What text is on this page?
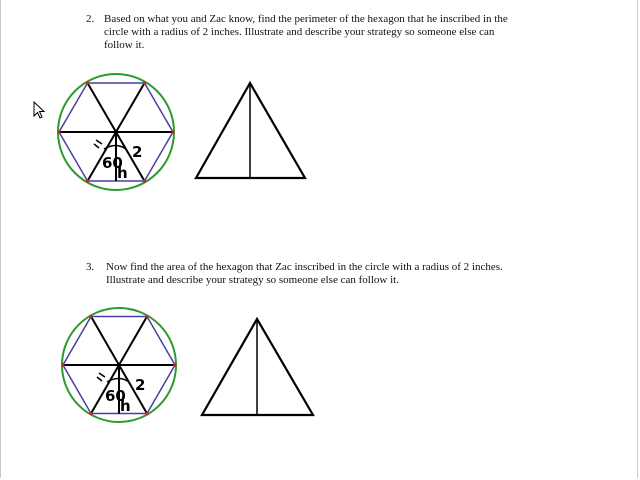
2. Based on what you and Zac know, find the perimeter of the hexagon that he inscribed in the
circle with a radius of 2 inches. Illustrate and describe your strategy so someone else can
follow it.
3. Now find the area of the hexagon that Zac inscribed in the circle with a radius of 2 inches.
Illustrate and describe your strategy so someone else can follow it.
60
2
h
60
2
h
